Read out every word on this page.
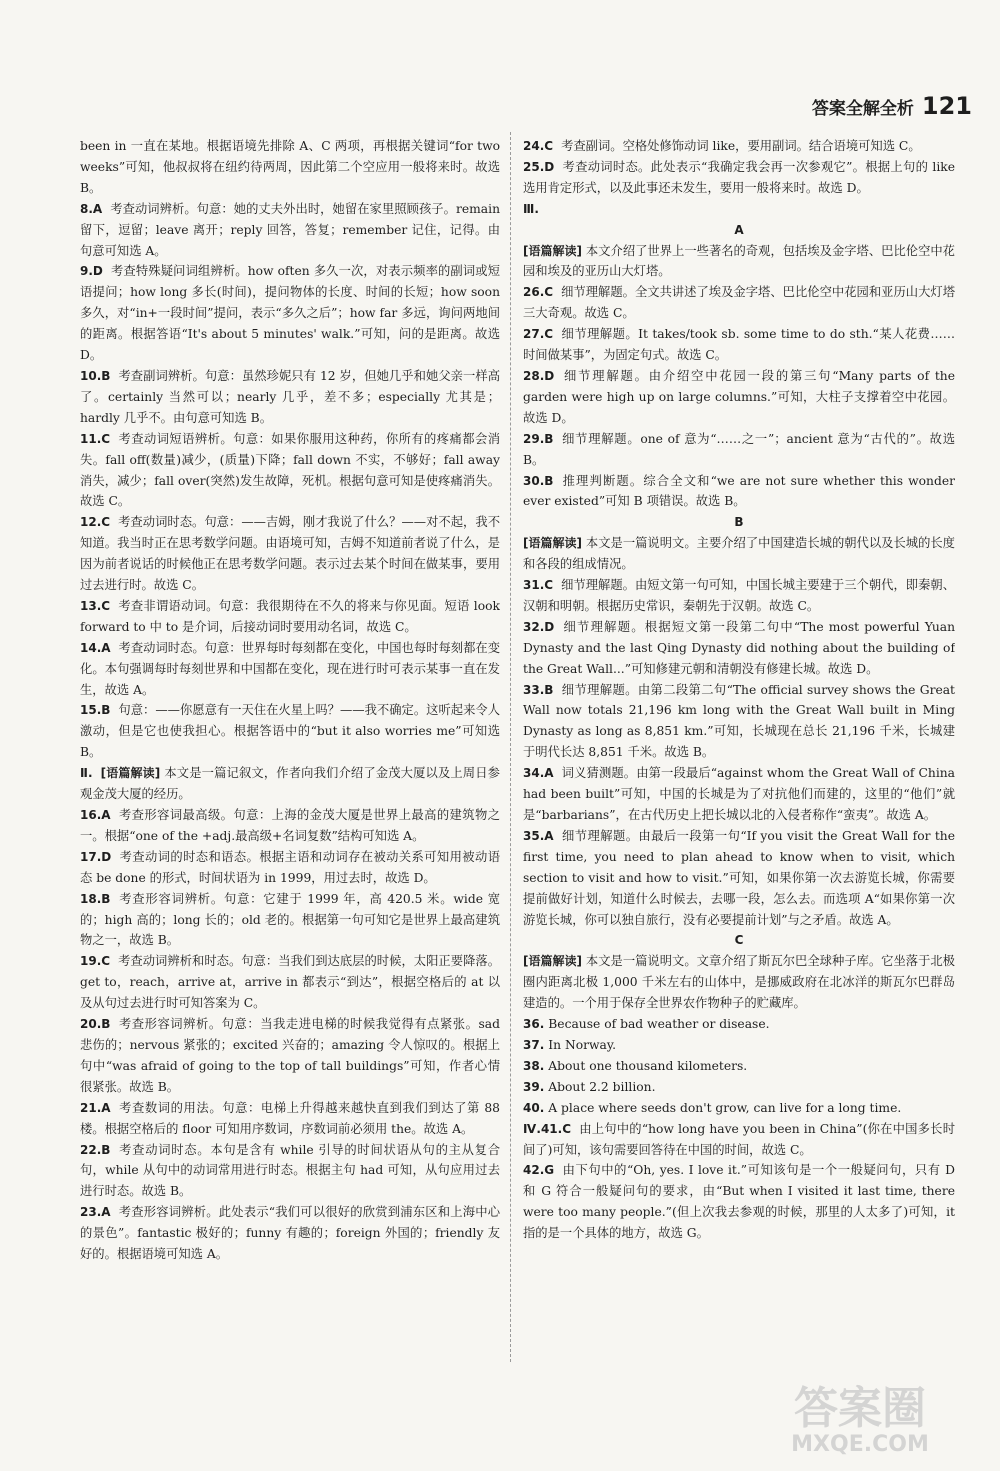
答案全解全析 121

been in 一直在某地。根据语境先排除 A、C 两项，再根据关键词“for two weeks”可知，他叔叔将在纽约待两周，因此第二个空应用一般将来时。故选 B。

8.A 考查动词辨析。句意：她的丈夫外出时，她留在家里照顾孩子。remain 留下，逗留；leave 离开；reply 回答，答复；remember 记住，记得。由句意可知选 A。

9.D 考查特殊疑问词组辨析。how often 多久一次，对表示频率的副词或短语提问；how long 多长(时间)，提问物体的长度、时间的长短；how soon 多久，对“in+一段时间”提问，表示“多久之后”；how far 多远，询问两地间的距离。根据答语“It's about 5 minutes' walk.”可知，问的是距离。故选 D。

10.B 考查副词辨析。句意：虽然珍妮只有 12 岁，但她几乎和她父亲一样高了。certainly 当然可以；nearly 几乎，差不多；especially 尤其是；hardly 几乎不。由句意可知选 B。

11.C 考查动词短语辨析。句意：如果你服用这种药，你所有的疼痛都会消失。fall off(数量)减少，(质量)下降；fall down 不实，不够好；fall away 消失，减少；fall over(突然)发生故障，死机。根据句意可知是使疼痛消失。故选 C。

12.C 考查动词时态。句意：——吉姆，刚才我说了什么？——对不起，我不知道。我当时正在思考数学问题。由语境可知，吉姆不知道前者说了什么，是因为前者说话的时候他正在思考数学问题。表示过去某个时间在做某事，要用过去进行时。故选 C。

13.C 考查非谓语动词。句意：我很期待在不久的将来与你见面。短语 look forward to 中 to 是介词，后接动词时要用动名词，故选 C。

14.A 考查动词时态。句意：世界每时每刻都在变化，中国也每时每刻都在变化。本句强调每时每刻世界和中国都在变化，现在进行时可表示某事一直在发生，故选 A。

15.B 句意：——你愿意有一天住在火星上吗？——我不确定。这听起来令人激动，但是它也使我担心。根据答语中的“but it also worries me”可知选 B。

Ⅱ. [语篇解读] 本文是一篇记叙文，作者向我们介绍了金茂大厦以及上周日参观金茂大厦的经历。

16.A 考查形容词最高级。句意：上海的金茂大厦是世界上最高的建筑物之一。根据“one of the +adj.最高级+名词复数”结构可知选 A。

17.D 考查动词的时态和语态。根据主语和动词存在被动关系可知用被动语态 be done 的形式，时间状语为 in 1999，用过去时，故选 D。

18.B 考查形容词辨析。句意：它建于 1999 年，高 420.5 米。wide 宽的；high 高的；long 长的；old 老的。根据第一句可知它是世界上最高建筑物之一，故选 B。

19.C 考查动词辨析和时态。句意：当我们到达底层的时候，太阳正要降落。get to，reach，arrive at，arrive in 都表示“到达”，根据空格后的 at 以及从句过去进行时可知答案为 C。

20.B 考查形容词辨析。句意：当我走进电梯的时候我觉得有点紧张。sad 悲伤的；nervous 紧张的；excited 兴奋的；amazing 令人惊叹的。根据上句中“was afraid of going to the top of tall buildings”可知，作者心情很紧张。故选 B。

21.A 考查数词的用法。句意：电梯上升得越来越快直到我们到达了第 88 楼。根据空格后的 floor 可知用序数词，序数词前必须用 the。故选 A。

22.B 考查动词时态。本句是含有 while 引导的时间状语从句的主从复合句，while 从句中的动词常用进行时态。根据主句 had 可知，从句应用过去进行时态。故选 B。

23.A 考查形容词辨析。此处表示“我们可以很好的欣赏到浦东区和上海中心的景色”。fantastic 极好的；funny 有趣的；foreign 外国的；friendly 友好的。根据语境可知选 A。

24.C 考查副词。空格处修饰动词 like，要用副词。结合语境可知选 C。

25.D 考查动词时态。此处表示“我确定我会再一次参观它”。根据上句的 like 选用肯定形式，以及此事还未发生，要用一般将来时。故选 D。

Ⅲ.

A

[语篇解读] 本文介绍了世界上一些著名的奇观，包括埃及金字塔、巴比伦空中花园和埃及的亚历山大灯塔。

26.C 细节理解题。全文共讲述了埃及金字塔、巴比伦空中花园和亚历山大灯塔三大奇观。故选 C。

27.C 细节理解题。It takes/took sb. some time to do sth.“某人花费……时间做某事”，为固定句式。故选 C。

28.D 细节理解题。由介绍空中花园一段的第三句“Many parts of the garden were high up on large columns.”可知，大柱子支撑着空中花园。故选 D。

29.B 细节理解题。one of 意为“……之一”；ancient 意为“古代的”。故选 B。

30.B 推理判断题。综合全文和“we are not sure whether this wonder ever existed”可知 B 项错误。故选 B。

B

[语篇解读] 本文是一篇说明文。主要介绍了中国建造长城的朝代以及长城的长度和各段的组成情况。

31.C 细节理解题。由短文第一句可知，中国长城主要建于三个朝代，即秦朝、汉朝和明朝。根据历史常识，秦朝先于汉朝。故选 C。

32.D 细节理解题。根据短文第一段第二句中“The most powerful Yuan Dynasty and the last Qing Dynasty did nothing about the building of the Great Wall...”可知修建元朝和清朝没有修建长城。故选 D。

33.B 细节理解题。由第二段第二句“The official survey shows the Great Wall now totals 21,196 km long with the Great Wall built in Ming Dynasty as long as 8,851 km.”可知，长城现在总长 21,196 千米，长城建于明代长达 8,851 千米。故选 B。

34.A 词义猜测题。由第一段最后“against whom the Great Wall of China had been built”可知，中国的长城是为了对抗他们而建的，这里的“他们”就是“barbarians”，在古代历史上把长城以北的入侵者称作“蛮夷”。故选 A。

35.A 细节理解题。由最后一段第一句“If you visit the Great Wall for the first time, you need to plan ahead to know when to visit, which section to visit and how to visit.”可知，如果你第一次去游览长城，你需要提前做好计划，知道什么时候去，去哪一段，怎么去。而选项 A“如果你第一次游览长城，你可以独自旅行，没有必要提前计划”与之矛盾。故选 A。

C

[语篇解读] 本文是一篇说明文。文章介绍了斯瓦尔巴全球种子库。它坐落于北极圈内距离北极 1,000 千米左右的山体中，是挪威政府在北冰洋的斯瓦尔巴群岛建造的。一个用于保存全世界农作物种子的贮藏库。

36. Because of bad weather or disease.

37. In Norway.

38. About one thousand kilometers.

39. About 2.2 billion.

40. A place where seeds don't grow, can live for a long time.

Ⅳ.41.C 由上句中的“how long have you been in China”(你在中国多长时间了)可知，该句需要回答待在中国的时间，故选 C。

42.G 由下句中的“Oh, yes. I love it.”可知该句是一个一般疑问句，只有 D 和 G 符合一般疑问句的要求，由“But when I visited it last time, there were too many people.”(但上次我去参观的时候，那里的人太多了)可知，it 指的是一个具体的地方，故选 G。

答案圈
MXQE.COM
